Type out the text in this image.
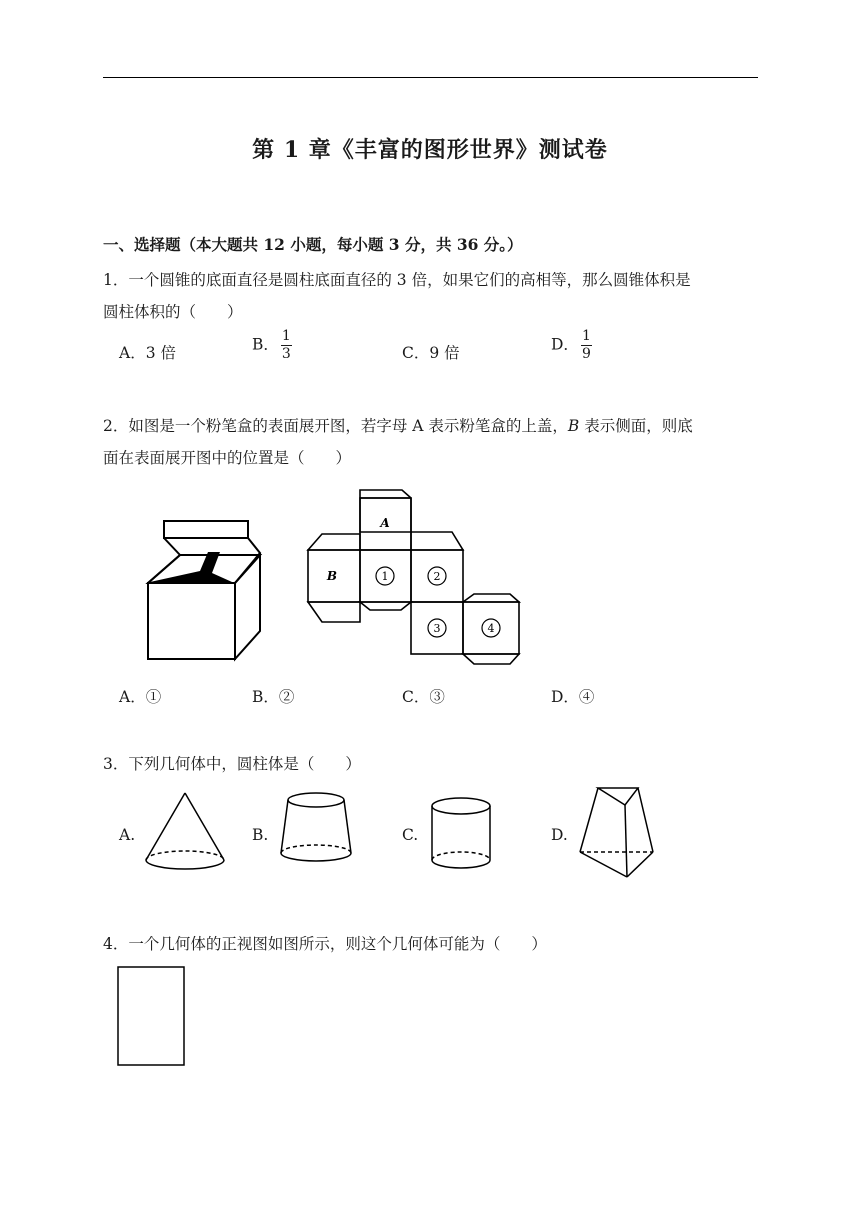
第 1 章《丰富的图形世界》测试卷
一、选择题（本大题共 12 小题，每小题 3 分，共 36 分。）
1．一个圆锥的底面直径是圆柱底面直径的 3 倍，如果它们的高相等，那么圆锥体积是
圆柱体积的（　　）
A．3 倍	B． $\frac{1}{3}$	C．9 倍	D． $\frac{1}{9}$
2．如图是一个粉笔盒的表面展开图，若字母 A 表示粉笔盒的上盖，B 表示侧面，则底
面在表面展开图中的位置是（　　）
A
B	1	2
3	4
A．①	B．②	C．③	D．④
3．下列几何体中，圆柱体是（　　）
A.	B.	C.	D.
4．一个几何体的正视图如图所示，则这个几何体可能为（　　）
